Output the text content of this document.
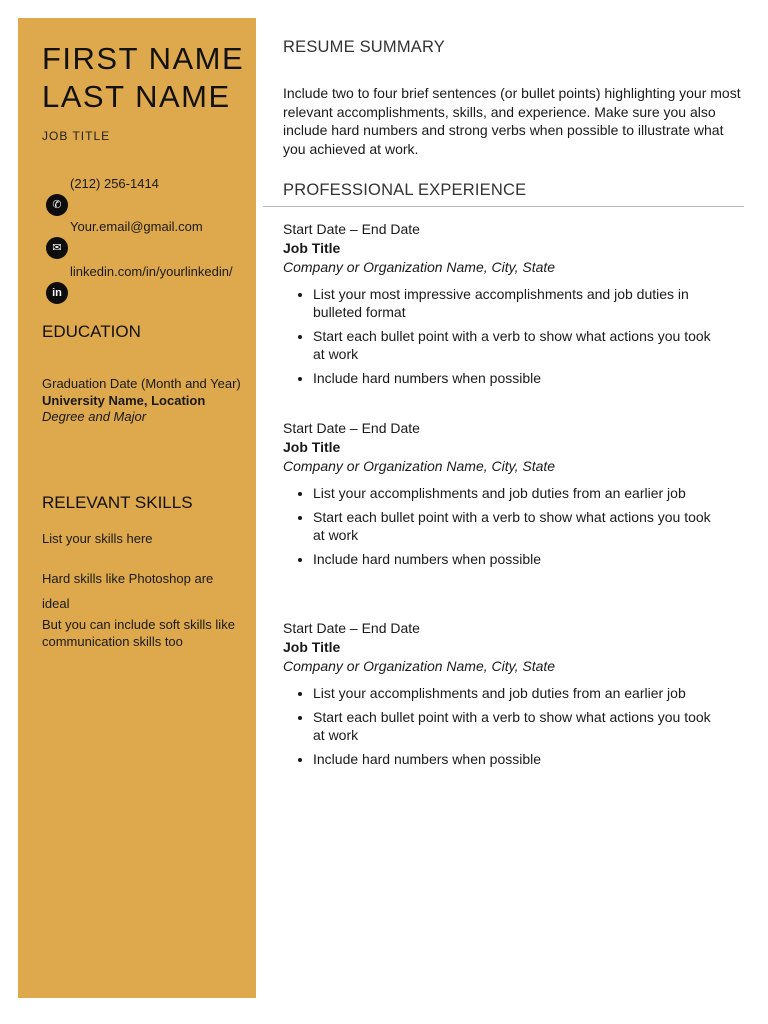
FIRST NAME
LAST NAME
JOB TITLE
(212) 256-1414
✆
Your.email@gmail.com
✉
linkedin.com/in/yourlinkedin/
in
EDUCATION
Graduation Date (Month and Year)
University Name, Location
Degree and Major
RELEVANT SKILLS
List your skills here
Hard skills like Photoshop are ideal
But you can include soft skills like communication skills too
RESUME SUMMARY

Include two to four brief sentences (or bullet points) highlighting your most relevant accomplishments, skills, and experience. Make sure you also include hard numbers and strong verbs when possible to illustrate what you achieved at work.

PROFESSIONAL EXPERIENCE
Start Date – End Date
Job Title
Company or Organization Name, City, State
• List your most impressive accomplishments and job duties in bulleted format
• Start each bullet point with a verb to show what actions you took at work
• Include hard numbers when possible
Start Date – End Date
Job Title
Company or Organization Name, City, State
• List your accomplishments and job duties from an earlier job
• Start each bullet point with a verb to show what actions you took at work
• Include hard numbers when possible
Start Date – End Date
Job Title
Company or Organization Name, City, State
• List your accomplishments and job duties from an earlier job
• Start each bullet point with a verb to show what actions you took at work
• Include hard numbers when possible
